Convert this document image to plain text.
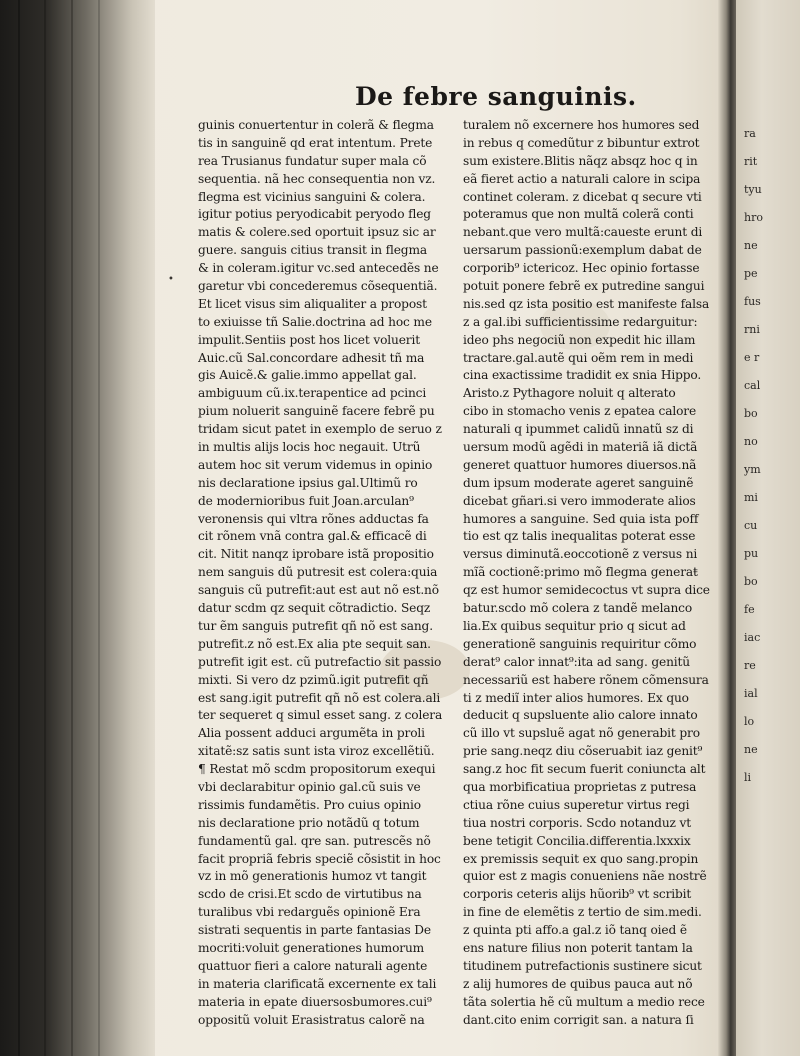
De febre sanguinis.
•
guinis conuertentur in colerã & flegma
tis in sanguinẽ qd erat intentum. Prete
rea Trusianus fundatur super mala cõ
sequentia. nã hec consequentia non vz.
flegma est vicinius sanguini & colera.
igitur potius peryodicabit peryodo fleg
matis & colere.sed oportuit ipsuz sic ar
guere. sanguis citius transit in flegma
& in coleram.igitur vc.sed antecedẽs ne
garetur vbi concederemus cõsequentiã.
Et licet visus sim aliqualiter a propost
to exiuisse tñ Salie.doctrina ad hoc me
impulit.Sentiis post hos licet voluerit
Auic.cũ Sal.concordare adhesit tñ ma
gis Auicẽ.& galie.immo appellat gal.
ambiguum cũ.ix.terapentice ad pcinci
pium noluerit sanguinẽ facere febrẽ pu
tridam sicut patet in exemplo de seruo z
in multis alijs locis hoc negauit. Utrũ
autem hoc sit verum videmus in opinio
nis declaratione ipsius gal.Ultimũ ro
de modernioribus fuit Joan.arculan⁹
veronensis qui vltra rõnes adductas fa
cit rõnem vnã contra gal.& efficacẽ di
cit. Nitit nanqz iprobare istã propositio
nem sanguis dũ putresit est colera:quia
sanguis cũ putrefit:aut est aut nõ est.nõ
datur scdm qz sequit cõtradictio. Seqz
tur ẽm sanguis putrefit qñ nõ est sang.
putrefit.z nõ est.Ex alia pte sequit san.
putrefit igit est. cũ putrefactio sit passio
mixti. Si vero dz pzimũ.igit putrefit qñ
est sang.igit putrefit qñ nõ est colera.ali
ter sequeret q simul esset sang. z colera
Alia possent adduci argumẽta in proli
xitatẽ:sz satis sunt ista viroz excellẽtiũ.
¶ Restat mõ scdm propositorum exequi
vbi declarabitur opinio gal.cũ suis ve
rissimis fundamẽtis. Pro cuius opinio
nis declaratione prio notãdũ q totum
fundamentũ gal. qre san. putrescẽs nõ
facit propriã febris speciẽ cõsistit in hoc
vz in mõ generationis humoz vt tangit
scdo de crisi.Et scdo de virtutibus na
turalibus vbi redarguẽs opinionẽ Era
sistrati sequentis in parte fantasias De
mocriti:voluit generationes humorum
quattuor fieri a calore naturali agente
in materia clarificatã excernente ex tali
materia in epate diuersosbumores.cui⁹
oppositũ voluit Erasistratus calorẽ na
turalem nõ excernere hos humores sed
in rebus q comedũtur z bibuntur extrot
sum existere.Blitis nãqz absqz hoc q in
eã fieret actio a naturali calore in scipa
continet coleram. z dicebat q secure vti
poteramus que non multã colerã conti
nebant.que vero multã:caueste erunt di
uersarum passionũ:exemplum dabat de
corporib⁹ ictericoz. Hec opinio fortasse
potuit ponere febrẽ ex putredine sangui
nis.sed qz ista positio est manifeste falsa
z a gal.ibi sufficientissime redarguitur:
ideo phs negociũ non expedit hic illam
tractare.gal.autẽ qui oẽm rem in medi
cina exactissime tradidit ex snia Hippo.
Aristo.z Pythagore noluit q alterato
cibo in stomacho venis z epatea calore
naturali q ipummet calidũ innatũ sz di
uersum modũ agẽdi in materiã iã dictã
generet quattuor humores diuersos.nã
dum ipsum moderate ageret sanguinẽ
dicebat gñari.si vero immoderate alios
humores a sanguine. Sed quia ista poff
tio est qz talis inequalitas poterat esse
versus diminutã.eoccotionẽ z versus ni
mĩã coctionẽ:primo mõ flegma generaŧ
qz est humor semidecoctus vt supra dice
batur.scdo mõ colera z tandẽ melanco
lia.Ex quibus sequitur prio q sicut ad
generationẽ sanguinis requiritur cõmo
derat⁹ calor innat⁹:ita ad sang. genitũ
necessariũ est habere rõnem cõmensura
ti z mediĩ inter alios humores. Ex quo
deducit q supsluente alio calore innato
cũ illo vt supsluẽ agat nõ generabit pro
prie sang.neqz diu cõseruabit iaz genit⁹
sang.z hoc fit secum fuerit coniuncta alt
qua morbificatiua proprietas z putresa
ctiua rõne cuius superetur virtus regi
tiua nostri corporis. Scdo notanduz vt
bene tetigit Concilia.differentia.lxxxix
ex premissis sequit ex quo sang.propin
quior est z magis conueniens nãe nostrẽ
corporis ceteris alijs hũorib⁹ vt scribit
in fine de elemẽtis z tertio de sim.medi.
z quinta pti affo.a gal.z iõ tanq oied ẽ
ens nature filius non poterit tantam la
titudinem putrefactionis sustinere sicut
z alij humores de quibus pauca aut nõ
tãta solertia hẽ cũ multum a medio rece
dant.cito enim corrigit san. a natura ſi
ra
rit
tyu
hro
ne
pe
fus
rni
e r
cal
bo
no
ym
mi
cu
pu
bo
fe
iac
re
ial
lo
ne
li
